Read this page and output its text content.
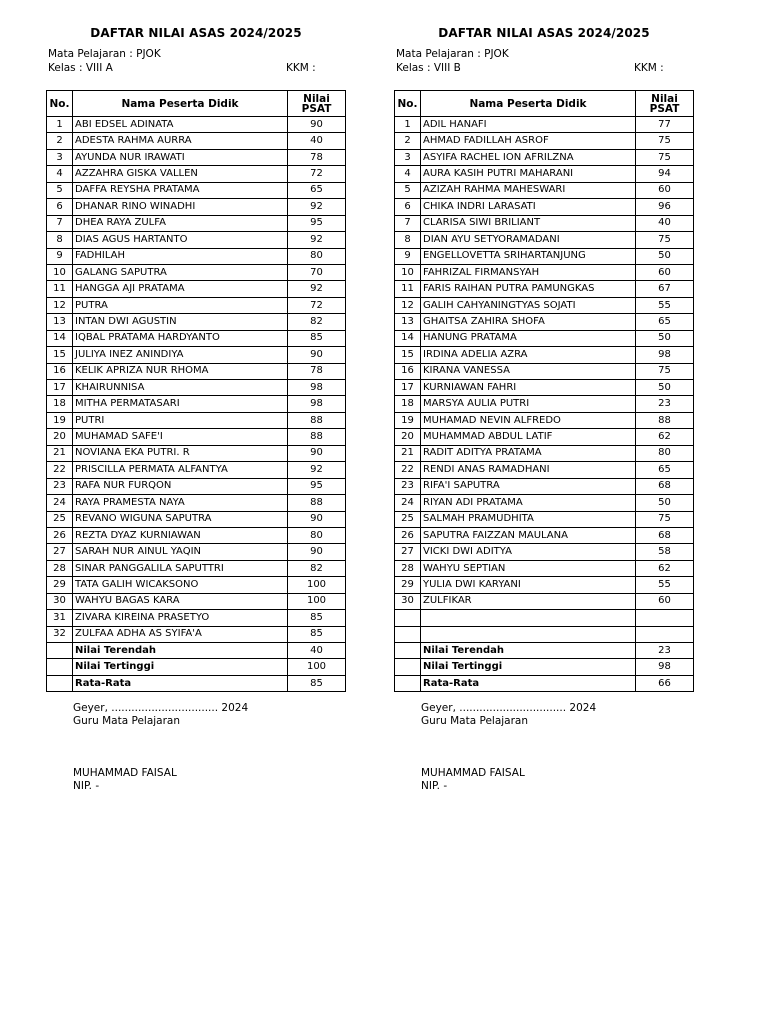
DAFTAR NILAI ASAS 2024/2025
Mata Pelajaran : PJOK
Kelas : VIII A	KKM :
No.	Nama Peserta Didik	Nilai
PSAT

1	ABI EDSEL ADINATA	90
2	ADESTA RAHMA AURRA	40
3	AYUNDA NUR IRAWATI	78
4	AZZAHRA GISKA VALLEN	72
5	DAFFA REYSHA PRATAMA	65
6	DHANAR RINO WINADHI	92
7	DHEA RAYA ZULFA	95
8	DIAS AGUS HARTANTO	92
9	FADHILAH	80
10	GALANG SAPUTRA	70
11	HANGGA AJI PRATAMA	92
12	PUTRA	72
13	INTAN DWI AGUSTIN	82
14	IQBAL PRATAMA HARDYANTO	85
15	JULIYA INEZ ANINDIYA	90
16	KELIK APRIZA NUR RHOMA	78
17	KHAIRUNNISA	98
18	MITHA PERMATASARI	98
19	PUTRI	88
20	MUHAMAD SAFE'I	88
21	NOVIANA EKA PUTRI. R	90
22	PRISCILLA PERMATA ALFANTYA	92
23	RAFA NUR FURQON	95
24	RAYA PRAMESTA NAYA	88
25	REVANO WIGUNA SAPUTRA	90
26	REZTA DYAZ KURNIAWAN	80
27	SARAH NUR AINUL YAQIN	90
28	SINAR PANGGALILA SAPUTTRI	82
29	TATA GALIH WICAKSONO	100
30	WAHYU BAGAS KARA	100
31	ZIVARA KIREINA PRASETYO	85
32	ZULFAA ADHA AS SYIFA'A	85
	Nilai Terendah	40
	Nilai Tertinggi	100
	Rata-Rata	85
Geyer, ................................ 2024
Guru Mata Pelajaran
MUHAMMAD FAISAL
NIP. -
DAFTAR NILAI ASAS 2024/2025
Mata Pelajaran : PJOK
Kelas : VIII B	KKM :
No.	Nama Peserta Didik	Nilai
PSAT

1	ADIL HANAFI	77
2	AHMAD FADILLAH ASROF	75
3	ASYIFA RACHEL ION AFRILZNA	75
4	AURA KASIH PUTRI MAHARANI	94
5	AZIZAH RAHMA MAHESWARI	60
6	CHIKA INDRI LARASATI	96
7	CLARISA SIWI BRILIANT	40
8	DIAN AYU SETYORAMADANI	75
9	ENGELLOVETTA SRIHARTANJUNG	50
10	FAHRIZAL FIRMANSYAH	60
11	FARIS RAIHAN PUTRA PAMUNGKAS	67
12	GALIH CAHYANINGTYAS SOJATI	55
13	GHAITSA ZAHIRA SHOFA	65
14	HANUNG PRATAMA	50
15	IRDINA ADELIA AZRA	98
16	KIRANA VANESSA	75
17	KURNIAWAN FAHRI	50
18	MARSYA AULIA PUTRI	23
19	MUHAMAD NEVIN ALFREDO	88
20	MUHAMMAD ABDUL LATIF	62
21	RADIT ADITYA PRATAMA	80
22	RENDI ANAS RAMADHANI	65
23	RIFA'I SAPUTRA	68
24	RIYAN ADI PRATAMA	50
25	SALMAH PRAMUDHITA	75
26	SAPUTRA FAIZZAN MAULANA	68
27	VICKI DWI ADITYA	58
28	WAHYU SEPTIAN	62
29	YULIA DWI KARYANI	55
30	ZULFIKAR	60

	Nilai Terendah	23
	Nilai Tertinggi	98
	Rata-Rata	66
Geyer, ................................ 2024
Guru Mata Pelajaran
MUHAMMAD FAISAL
NIP. -
